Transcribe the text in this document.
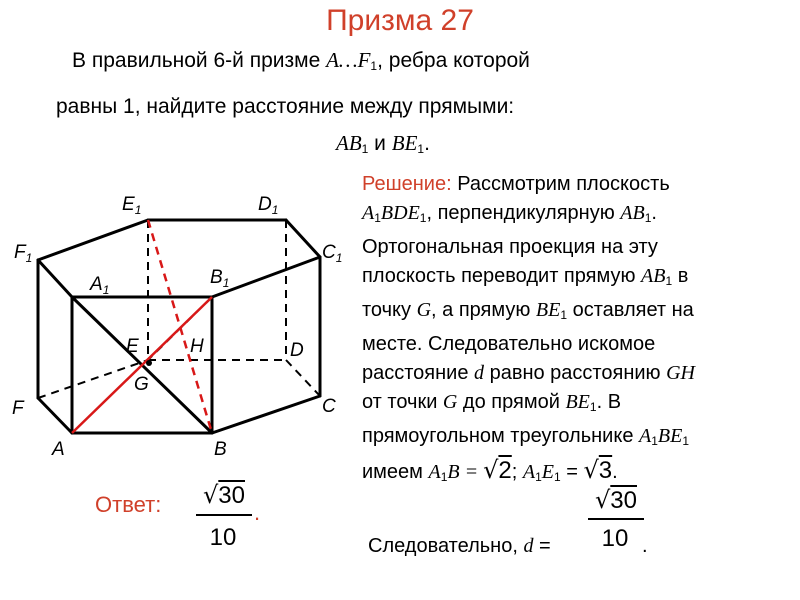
Призма 27
В правильной 6-й призме $A\dots F_1$, ребра которой
равны 1, найдите расстояние между прямыми:
$AB_1$ и $BE_1$.
Решение: Рассмотрим плоскость
$A_1BDE_1$, перпендикулярную $AB_1$.
Ортогональная проекция на эту
плоскость переводит прямую $AB_1$ в
точку G, а прямую $BE_1$ оставляет на
месте. Следовательно искомое
расстояние d равно расстоянию GH
от точки G до прямой $BE_1$. В
прямоугольном треугольнике $A_1BE_1$
имеем $A_1B = √2$; $A_1E_1 = √3$.
Следовательно, d =
√30
10 .
Ответ:	√30
10
.
$E_1$	$D_1$
$F_1$	$C_1$
$A_1$
$B_1$
E	H	D
G
F	C
A	B
